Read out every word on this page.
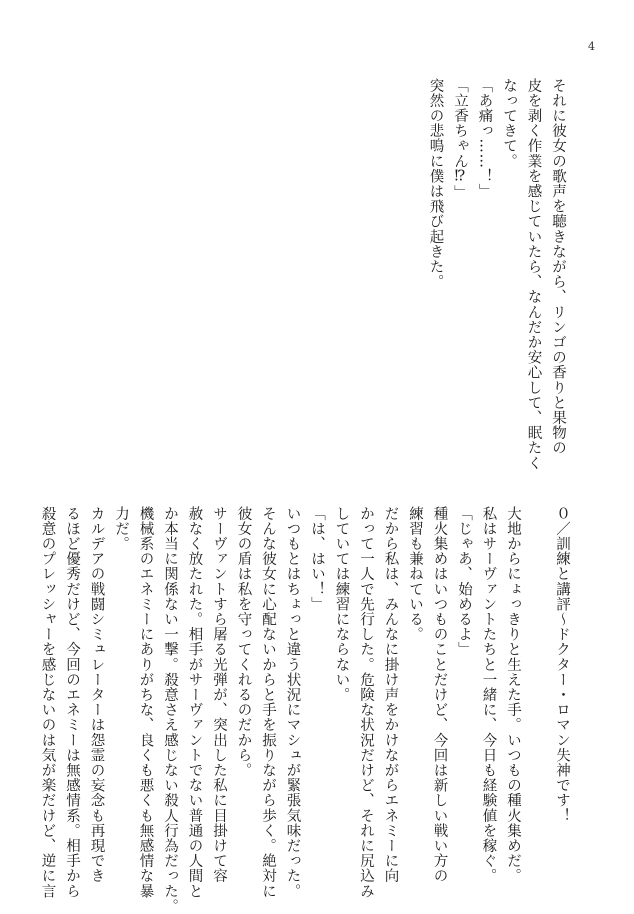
4
それに彼女の歌声を聴きながら、リンゴの香りと果物の
皮を剥く作業を感じていたら、なんだか安心して、眠たく
なってきて。
「あ痛っ……！」
「立香ちゃん⁉」
突然の悲鳴に僕は飛び起きた。
０／訓練と講評～ドクター・ロマン失神です！
大地からにょっきりと生えた手。いつもの種火集めだ。
私はサーヴァントたちと一緒に、今日も経験値を稼ぐ。
「じゃあ、始めるよ」
種火集めはいつものことだけど、今回は新しい戦い方の
練習も兼ねている。
だから私は、みんなに掛け声をかけながらエネミーに向
かって一人で先行した。危険な状況だけど、それに尻込み
していては練習にならない。
「は、はい！」
いつもとはちょっと違う状況にマシュが緊張気味だった。
そんな彼女に心配ないからと手を振りながら歩く。絶対に
彼女の盾は私を守ってくれるのだから。
サーヴァントすら屠る光弾が、突出した私に目掛けて容
赦なく放たれた。相手がサーヴァントでない普通の人間と
か本当に関係ない一撃。殺意さえ感じない殺人行為だった。
機械系のエネミーにありがちな、良くも悪くも無感情な暴
力だ。
カルデアの戦闘シミュレーターは怨霊の妄念も再現でき
るほど優秀だけど、今回のエネミーは無感情系。相手から
殺意のプレッシャーを感じないのは気が楽だけど、逆に言
